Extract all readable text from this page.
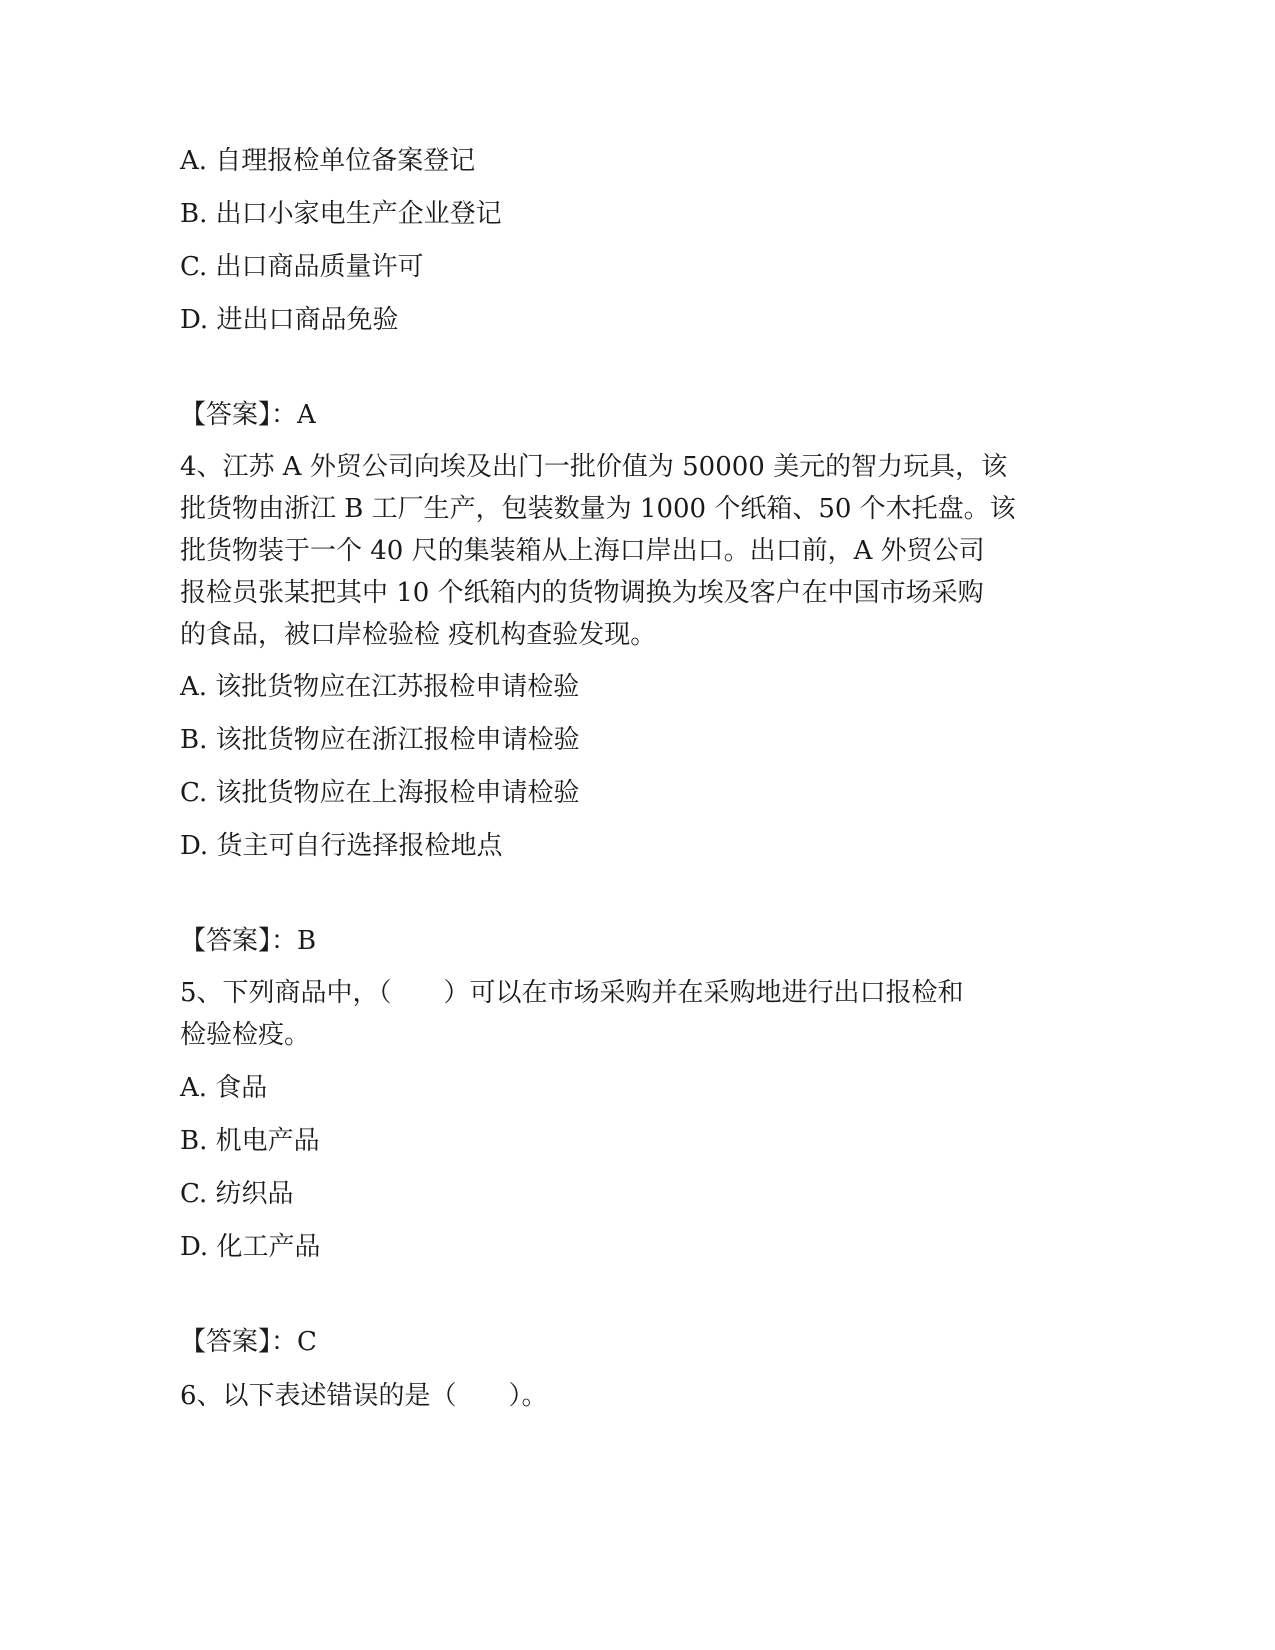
A. 自理报检单位备案登记
B. 出口小家电生产企业登记
C. 出口商品质量许可
D. 进出口商品免验
【答案】：A
4、江苏 A 外贸公司向埃及出门一批价值为 50000 美元的智力玩具，该
批货物由浙江 B 工厂生产，包装数量为 1000 个纸箱、50 个木托盘。该
批货物装于一个 40 尺的集装箱从上海口岸出口。出口前，A 外贸公司
报检员张某把其中 10 个纸箱内的货物调换为埃及客户在中国市场采购
的食品，被口岸检验检 疫机构查验发现。
A. 该批货物应在江苏报检申请检验
B. 该批货物应在浙江报检申请检验
C. 该批货物应在上海报检申请检验
D. 货主可自行选择报检地点
【答案】：B
5、下列商品中，（　　）可以在市场采购并在采购地进行出口报检和
检验检疫。
A. 食品
B. 机电产品
C. 纺织品
D. 化工产品
【答案】：C
6、以下表述错误的是（　　）。
